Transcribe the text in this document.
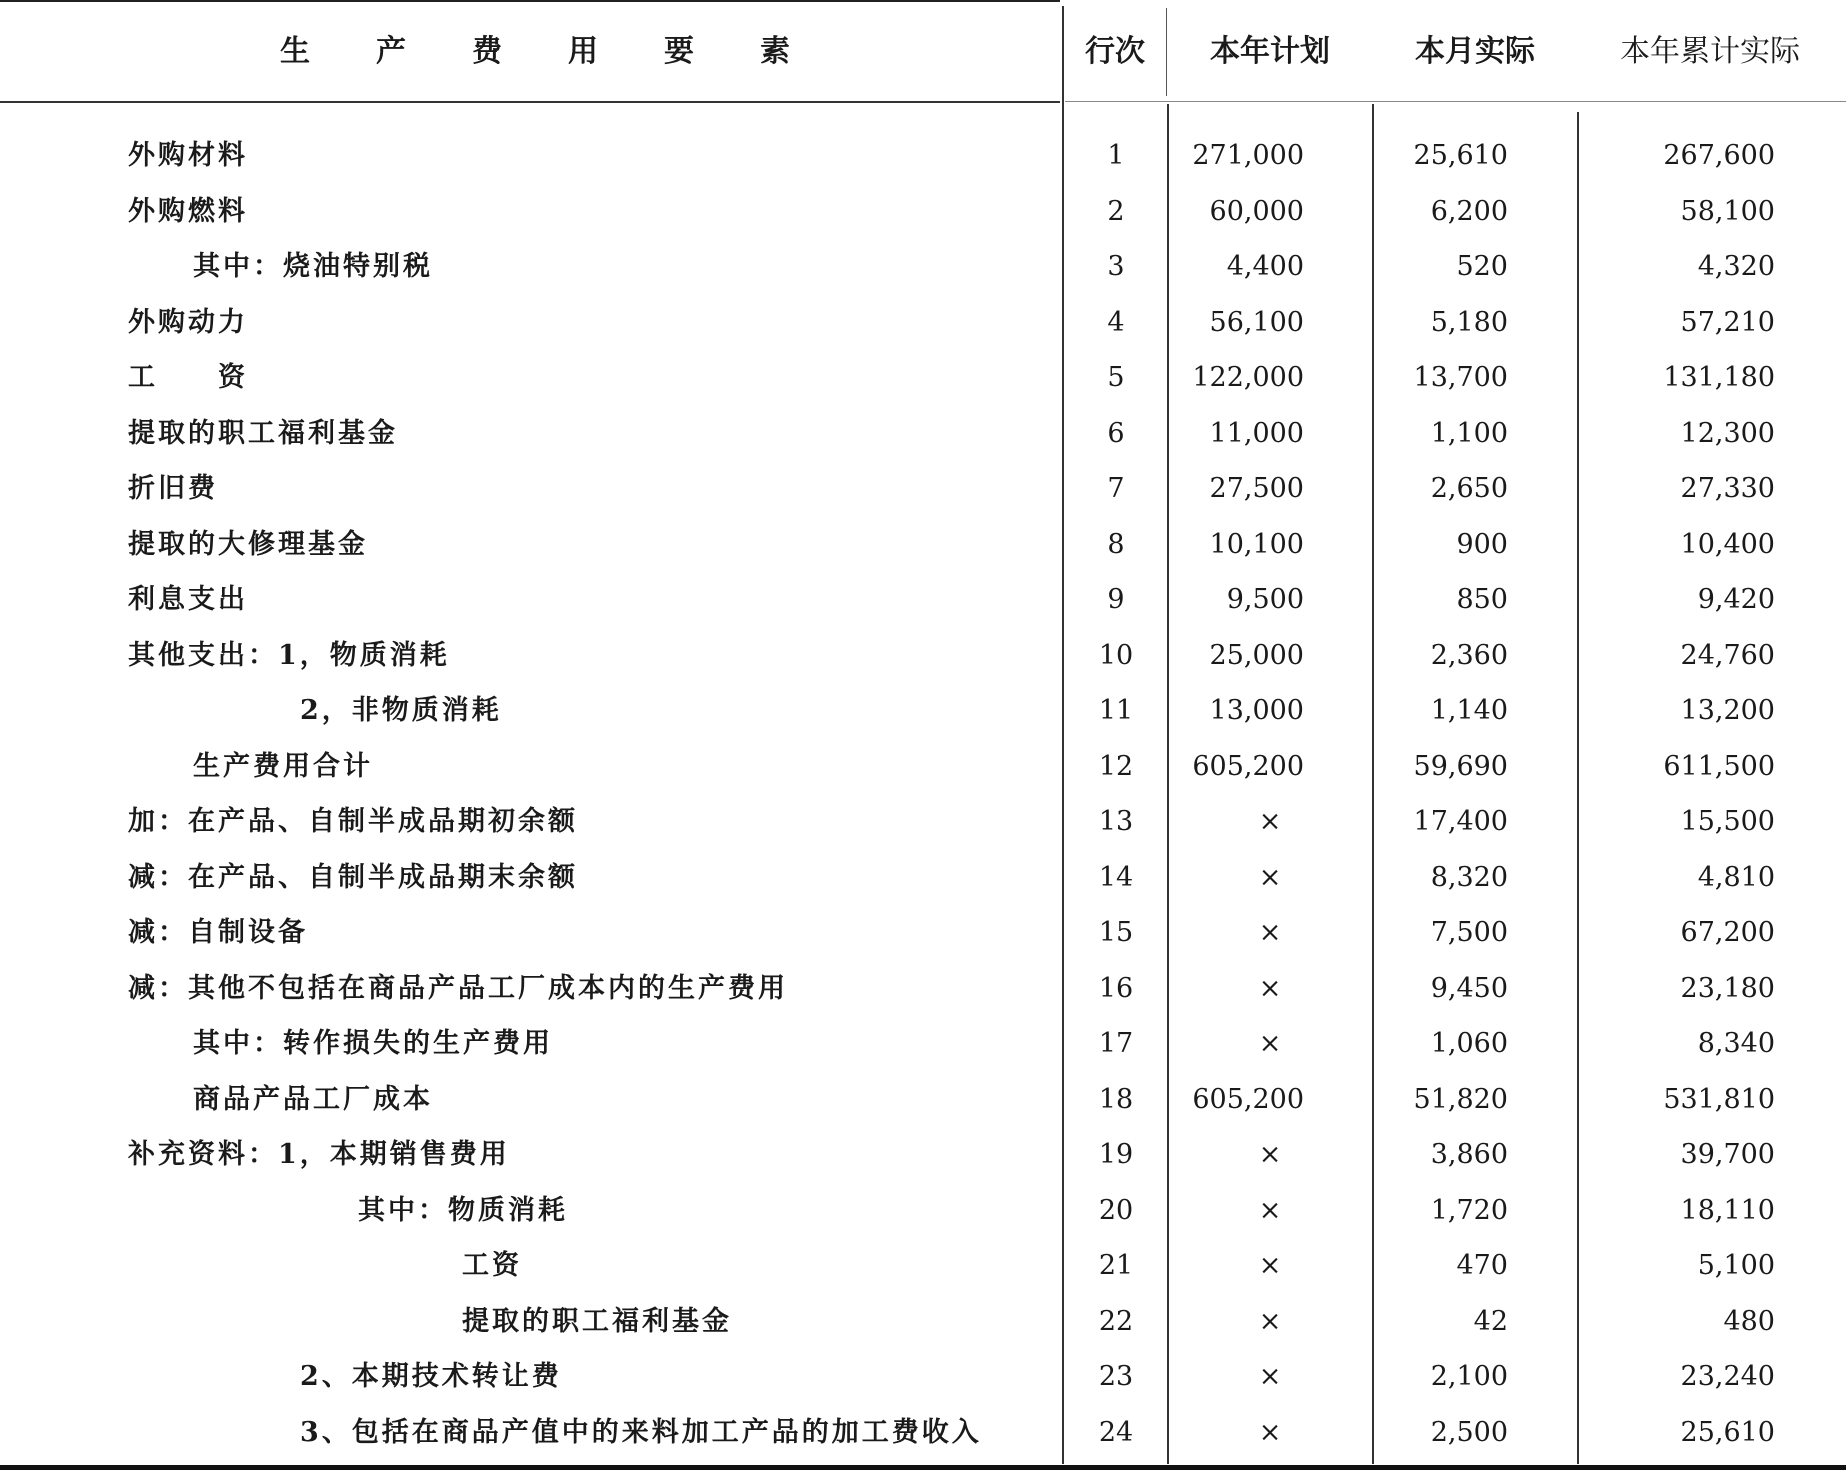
生产费用要素	行次	本年计划	本月实际	本年累计实际
外购材料	1	271,000	25,610	267,600
外购燃料	2	60,000	6,200	58,100
其中：烧油特别税	3	4,400	520	4,320
外购动力	4	56,100	5,180	57,210
工　　资	5	122,000	13,700	131,180
提取的职工福利基金	6	11,000	1,100	12,300
折旧费	7	27,500	2,650	27,330
提取的大修理基金	8	10,100	900	10,400
利息支出	9	9,500	850	9,420
其他支出：1，物质消耗	10	25,000	2,360	24,760
2，非物质消耗	11	13,000	1,140	13,200
生产费用合计	12	605,200	59,690	611,500
加：在产品、自制半成品期初余额	13	×	17,400	15,500
减：在产品、自制半成品期末余额	14	×	8,320	4,810
减：自制设备	15	×	7,500	67,200
减：其他不包括在商品产品工厂成本内的生产费用	16	×	9,450	23,180
其中：转作损失的生产费用	17	×	1,060	8,340
商品产品工厂成本	18	605,200	51,820	531,810
补充资料：1，本期销售费用	19	×	3,860	39,700
其中：物质消耗	20	×	1,720	18,110
工资	21	×	470	5,100
提取的职工福利基金	22	×	42	480
2、本期技术转让费	23	×	2,100	23,240
3、包括在商品产值中的来料加工产品的加工费收入	24	×	2,500	25,610
